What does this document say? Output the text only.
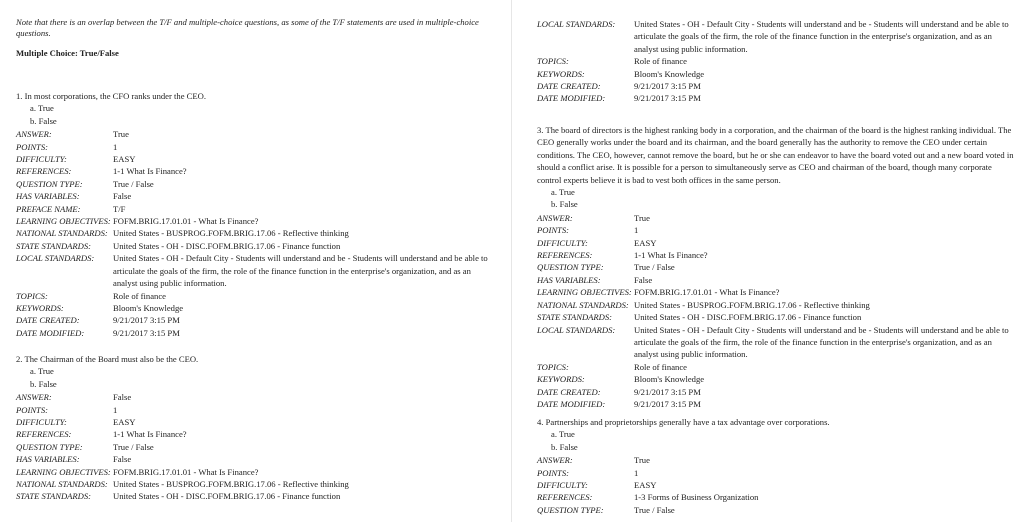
Note that there is an overlap between the T/F and multiple-choice questions, as some of the T/F statements are used in multiple-choice questions.
Multiple Choice: True/False
1. In most corporations, the CFO ranks under the CEO.
a. True
b. False
ANSWER:	True
POINTS:	1
DIFFICULTY:	EASY
REFERENCES:	1-1 What Is Finance?
QUESTION TYPE:	True / False
HAS VARIABLES:	False
PREFACE NAME:	T/F
LEARNING OBJECTIVES: FOFM.BRIG.17.01.01 - What Is Finance?
NATIONAL STANDARDS: United States - BUSPROG.FOFM.BRIG.17.06 - Reflective thinking
STATE STANDARDS:	United States - OH - DISC.FOFM.BRIG.17.06 - Finance function
LOCAL STANDARDS:	United States - OH - Default City - Students will understand and be - Students will understand and be able to articulate the goals of the firm, the role of the finance function in the enterprise's organization, and as an analyst using public information.
TOPICS:	Role of finance
KEYWORDS:	Bloom's Knowledge
DATE CREATED:	9/21/2017 3:15 PM
DATE MODIFIED:	9/21/2017 3:15 PM
2. The Chairman of the Board must also be the CEO.
a. True
b. False
ANSWER:	False
POINTS:	1
DIFFICULTY:	EASY
REFERENCES:	1-1 What Is Finance?
QUESTION TYPE:	True / False
HAS VARIABLES:	False
LEARNING OBJECTIVES: FOFM.BRIG.17.01.01 - What Is Finance?
NATIONAL STANDARDS: United States - BUSPROG.FOFM.BRIG.17.06 - Reflective thinking
STATE STANDARDS:	United States - OH - DISC.FOFM.BRIG.17.06 - Finance function
LOCAL STANDARDS:	United States - OH - Default City - Students will understand and be - Students will understand and be able to articulate the goals of the firm, the role of the finance function in the enterprise's organization, and as an analyst using public information.
TOPICS:	Role of finance
KEYWORDS:	Bloom's Knowledge
DATE CREATED:	9/21/2017 3:15 PM
DATE MODIFIED:	9/21/2017 3:15 PM
3. The board of directors is the highest ranking body in a corporation, and the chairman of the board is the highest ranking individual. The CEO generally works under the board and its chairman, and the board generally has the authority to remove the CEO under certain conditions. The CEO, however, cannot remove the board, but he or she can endeavor to have the board voted out and a new board voted in should a conflict arise. It is possible for a person to simultaneously serve as CEO and chairman of the board, though many corporate control experts believe it is bad to vest both offices in the same person.
a. True
b. False
ANSWER:	True
POINTS:	1
DIFFICULTY:	EASY
REFERENCES:	1-1 What Is Finance?
QUESTION TYPE:	True / False
HAS VARIABLES:	False
LEARNING OBJECTIVES: FOFM.BRIG.17.01.01 - What Is Finance?
NATIONAL STANDARDS: United States - BUSPROG.FOFM.BRIG.17.06 - Reflective thinking
STATE STANDARDS:	United States - OH - DISC.FOFM.BRIG.17.06 - Finance function
LOCAL STANDARDS:	United States - OH - Default City - Students will understand and be - Students will understand and be able to articulate the goals of the firm, the role of the finance function in the enterprise's organization, and as an analyst using public information.
TOPICS:	Role of finance
KEYWORDS:	Bloom's Knowledge
DATE CREATED:	9/21/2017 3:15 PM
DATE MODIFIED:	9/21/2017 3:15 PM
4. Partnerships and proprietorships generally have a tax advantage over corporations.
a. True
b. False
ANSWER:	True
POINTS:	1
DIFFICULTY:	EASY
REFERENCES:	1-3 Forms of Business Organization
QUESTION TYPE:	True / False
